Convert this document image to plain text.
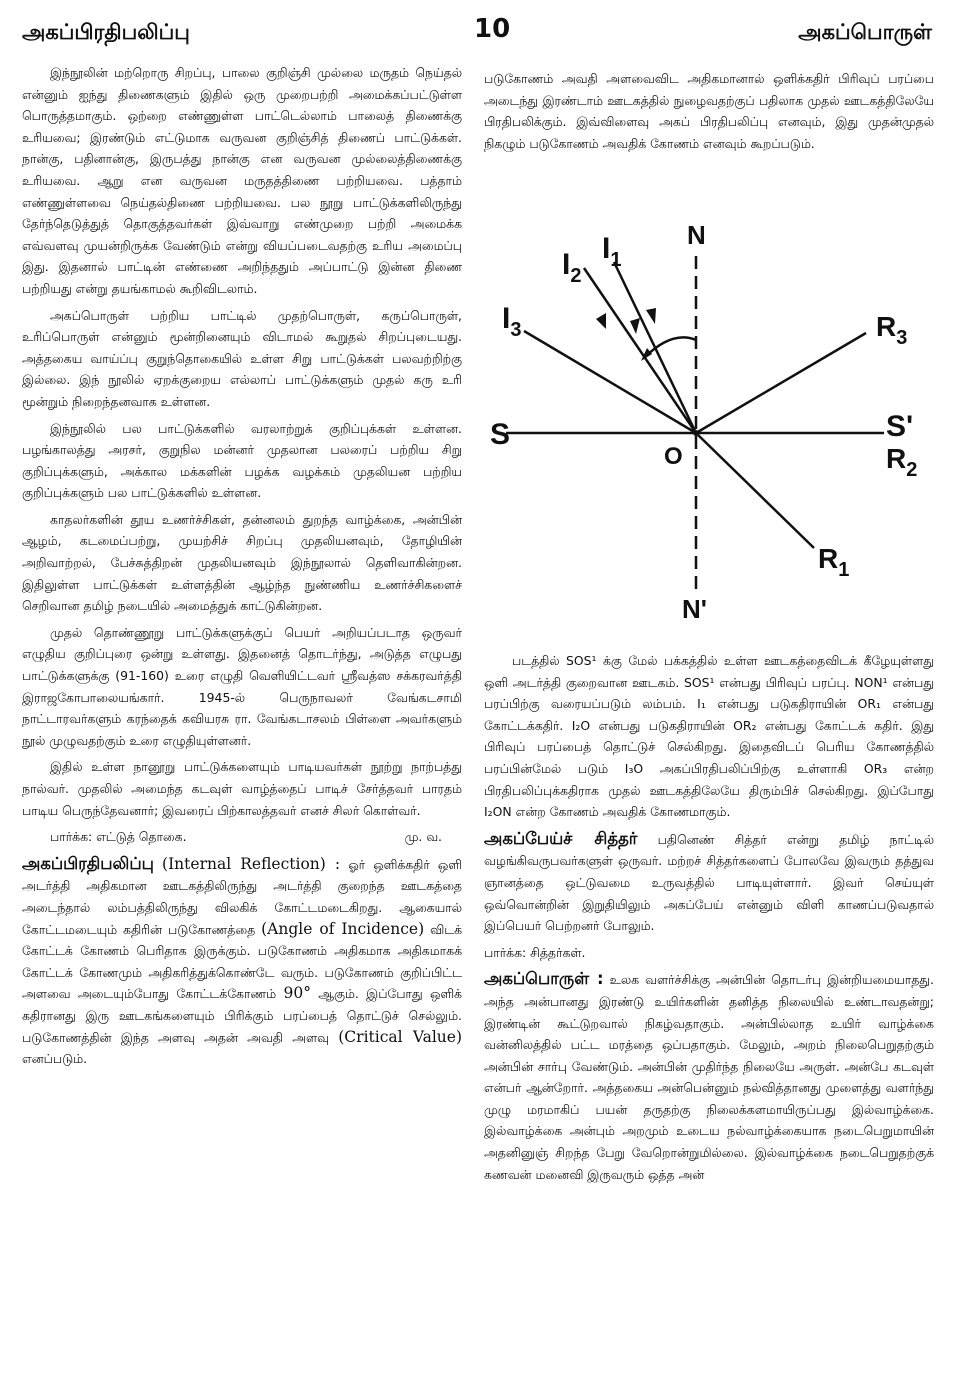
அகப்பிரதிபலிப்பு	10	அகப்பொருள்

இந்நூலின் மற்றொரு சிறப்பு, பாலை குறிஞ்சி முல்லை மருதம் நெய்தல் என்னும் ஐந்து திணைகளும் இதில் ஒரு முறைபற்றி அமைக்கப்பட்டுள்ள பொருத்தமாகும். ஒற்றை எண்ணுள்ள பாட்டெல்லாம் பாலைத் திணைக்கு உரியவை; இரண்டும் எட்டுமாக வருவன குறிஞ்சித் திணைப் பாட்டுக்கள். நான்கு, பதினான்கு, இருபத்து நான்கு என வருவன முல்லைத்திணைக்கு உரியவை. ஆறு என வருவன மருதத்திணை பற்றியவை. பத்தாம் எண்ணுள்ளவை நெய்தல்திணை பற்றியவை. பல நூறு பாட்டுக்களிலிருந்து தேர்ந்தெடுத்துத் தொகுத்தவர்கள் இவ்வாறு எண்முறை பற்றி அமைக்க எவ்வளவு முயன்றிருக்க வேண்டும் என்று வியப்படைவதற்கு உரிய அமைப்பு இது. இதனால் பாட்டின் எண்ணை அறிந்ததும் அப்பாட்டு இன்ன திணை பற்றியது என்று தயங்காமல் கூறிவிடலாம்.

அகப்பொருள் பற்றிய பாட்டில் முதற்பொருள், கருப்பொருள், உரிப்பொருள் என்னும் மூன்றினையும் விடாமல் கூறுதல் சிறப்புடையது. அத்தகைய வாய்ப்பு குறுந்தொகையில் உள்ள சிறு பாட்டுக்கள் பலவற்றிற்கு இல்லை. இந் நூலில் ஏறக்குறைய எல்லாப் பாட்டுக்களும் முதல் கரு உரி மூன்றும் நிறைந்தனவாக உள்ளன.

இந்நூலில் பல பாட்டுக்களில் வரலாற்றுக் குறிப்புக்கள் உள்ளன. பழங்காலத்து அரசர், குறுநில மன்னர் முதலான பலரைப் பற்றிய சிறு குறிப்புக்களும், அக்கால மக்களின் பழக்க வழக்கம் முதலியன பற்றிய குறிப்புக்களும் பல பாட்டுக்களில் உள்ளன.

காதலர்களின் தூய உணர்ச்சிகள், தன்னலம் துறந்த வாழ்க்கை, அன்பின் ஆழம், கடமைப்பற்று, முயற்சிச் சிறப்பு முதலியனவும், தோழியின் அறிவாற்றல், பேச்சுத்திறன் முதலியனவும் இந்நூலால் தெளிவாகின்றன. இதிலுள்ள பாட்டுக்கள் உள்ளத்தின் ஆழ்ந்த நுண்ணிய உணர்ச்சிகளைச் செறிவான தமிழ் நடையில் அமைத்துக் காட்டுகின்றன.

முதல் தொண்ணூறு பாட்டுக்களுக்குப் பெயர் அறியப்படாத ஒருவர் எழுதிய குறிப்புரை ஒன்று உள்ளது. இதனைத் தொடர்ந்து, அடுத்த எழுபது பாட்டுக்களுக்கு (91-160) உரை எழுதி வெளியிட்டவர் ஸ்ரீவத்ஸ சக்கரவர்த்தி இராஜகோபாலையங்கார். 1945-ல் பெருநாவலர் வேங்கடசாமி நாட்டாரவர்களும் கரந்தைக் கவியரசு ரா. வேங்கடாசலம் பிள்ளை அவர்களும் நூல் முழுவதற்கும் உரை எழுதியுள்ளனர்.

இதில் உள்ள நானூறு பாட்டுக்களையும் பாடியவர்கள் நூற்று நாற்பத்து நால்வர். முதலில் அமைந்த கடவுள் வாழ்த்தைப் பாடிச் சேர்த்தவர் பாரதம் பாடிய பெருந்தேவனார்; இவரைப் பிற்காலத்தவர் எனச் சிலர் கொள்வர்.

பார்க்க: எட்டுத் தொகை.	மு. வ.

அகப்பிரதிபலிப்பு (Internal Reflection) : ஓர் ஒளிக்கதிர் ஒளி அடர்த்தி அதிகமான ஊடகத்திலிருந்து அடர்த்தி குறைந்த ஊடகத்தை அடைந்தால் லம்பத்திலிருந்து விலகிக் கோட்டமடைகிறது. ஆகையால் கோட்டமடையும் கதிரின் படுகோணத்தை (Angle of Incidence) விடக் கோட்டக் கோணம் பெரிதாக இருக்கும். படுகோணம் அதிகமாக அதிகமாகக் கோட்டக் கோணமும் அதிகரித்துக்கொண்டே வரும். படுகோணம் குறிப்பிட்ட அளவை அடையும்போது கோட்டக்கோணம் 90° ஆகும். இப்போது ஒளிக் கதிரானது இரு ஊடகங்களையும் பிரிக்கும் பரப்பைத் தொட்டுச் செல்லும். படுகோணத்தின் இந்த அளவு அதன் அவதி அளவு (Critical Value) எனப்படும்.

படுகோணம் அவதி அளவைவிட அதிகமானால் ஒளிக்கதிர் பிரிவுப் பரப்பை அடைந்து இரண்டாம் ஊடகத்தில் நுழைவதற்குப் பதிலாக முதல் ஊடகத்திலேயே பிரதிபலிக்கும். இவ்விளைவு அகப் பிரதிபலிப்பு எனவும், இது முதன்முதல் நிகழும் படுகோணம் அவதிக் கோணம் எனவும் கூறப்படும்.

N
N'
S	S'
O
$I_1$
$I_2$
$I_3$	$R_3$
$R_2$
$R_1$

படத்தில் SOS¹ க்கு மேல் பக்கத்தில் உள்ள ஊடகத்தைவிடக் கீழேயுள்ளது ஒளி அடர்த்தி குறைவான ஊடகம். SOS¹ என்பது பிரிவுப் பரப்பு. NON¹ என்பது பரப்பிற்கு வரையப்படும் லம்பம். I₁ என்பது படுகதிராயின் OR₁ என்பது கோட்டக்கதிர். I₂O என்பது படுகதிராயின் OR₂ என்பது கோட்டக் கதிர். இது பிரிவுப் பரப்பைத் தொட்டுச் செல்கிறது. இதைவிடப் பெரிய கோணத்தில் பரப்பின்மேல் படும் I₃O அகப்பிரதிபலிப்பிற்கு உள்ளாகி OR₃ என்ற பிரதிபலிப்புக்கதிராக முதல் ஊடகத்திலேயே திரும்பிச் செல்கிறது. இப்போது I₂ON என்ற கோணம் அவதிக் கோணமாகும்.

அகப்பேய்ச் சித்தர் பதினெண் சித்தர் என்று தமிழ் நாட்டில் வழங்கிவருபவர்களுள் ஒருவர். மற்றச் சித்தர்களைப் போலவே இவரும் தத்துவ ஞானத்தை ஒட்டுவமை உருவத்தில் பாடியுள்ளார். இவர் செய்யுள் ஒவ்வொன்றின் இறுதியிலும் அகப்பேய் என்னும் விளி காணப்படுவதால் இப்பெயர் பெற்றனர் போலும்.

பார்க்க: சித்தர்கள்.

அகப்பொருள் : உலக வளர்ச்சிக்கு அன்பின் தொடர்பு இன்றியமையாதது. அந்த அன்பானது இரண்டு உயிர்களின் தனித்த நிலையில் உண்டாவதன்று; இரண்டின் கூட்டுறவால் நிகழ்வதாகும். அன்பில்லாத உயிர் வாழ்க்கை வன்னிலத்தில் பட்ட மரத்தை ஒப்பதாகும். மேலும், அறம் நிலைபெறுதற்கும் அன்பின் சார்பு வேண்டும். அன்பின் முதிர்ந்த நிலையே அருள். அன்பே கடவுள் என்பர் ஆன்றோர். அத்தகைய அன்பென்னும் நல்வித்தானது முளைத்து வளர்ந்து முழு மரமாகிப் பயன் தருதற்கு நிலைக்களமாயிருப்பது இல்வாழ்க்கை. இல்வாழ்க்கை அன்பும் அறமும் உடைய நல்வாழ்க்கையாக நடைபெறுமாயின் அதனினுஞ் சிறந்த பேறு வேறொன்றுமில்லை. இல்வாழ்க்கை நடைபெறுதற்குக் கணவன் மனைவி இருவரும் ஒத்த அன்
